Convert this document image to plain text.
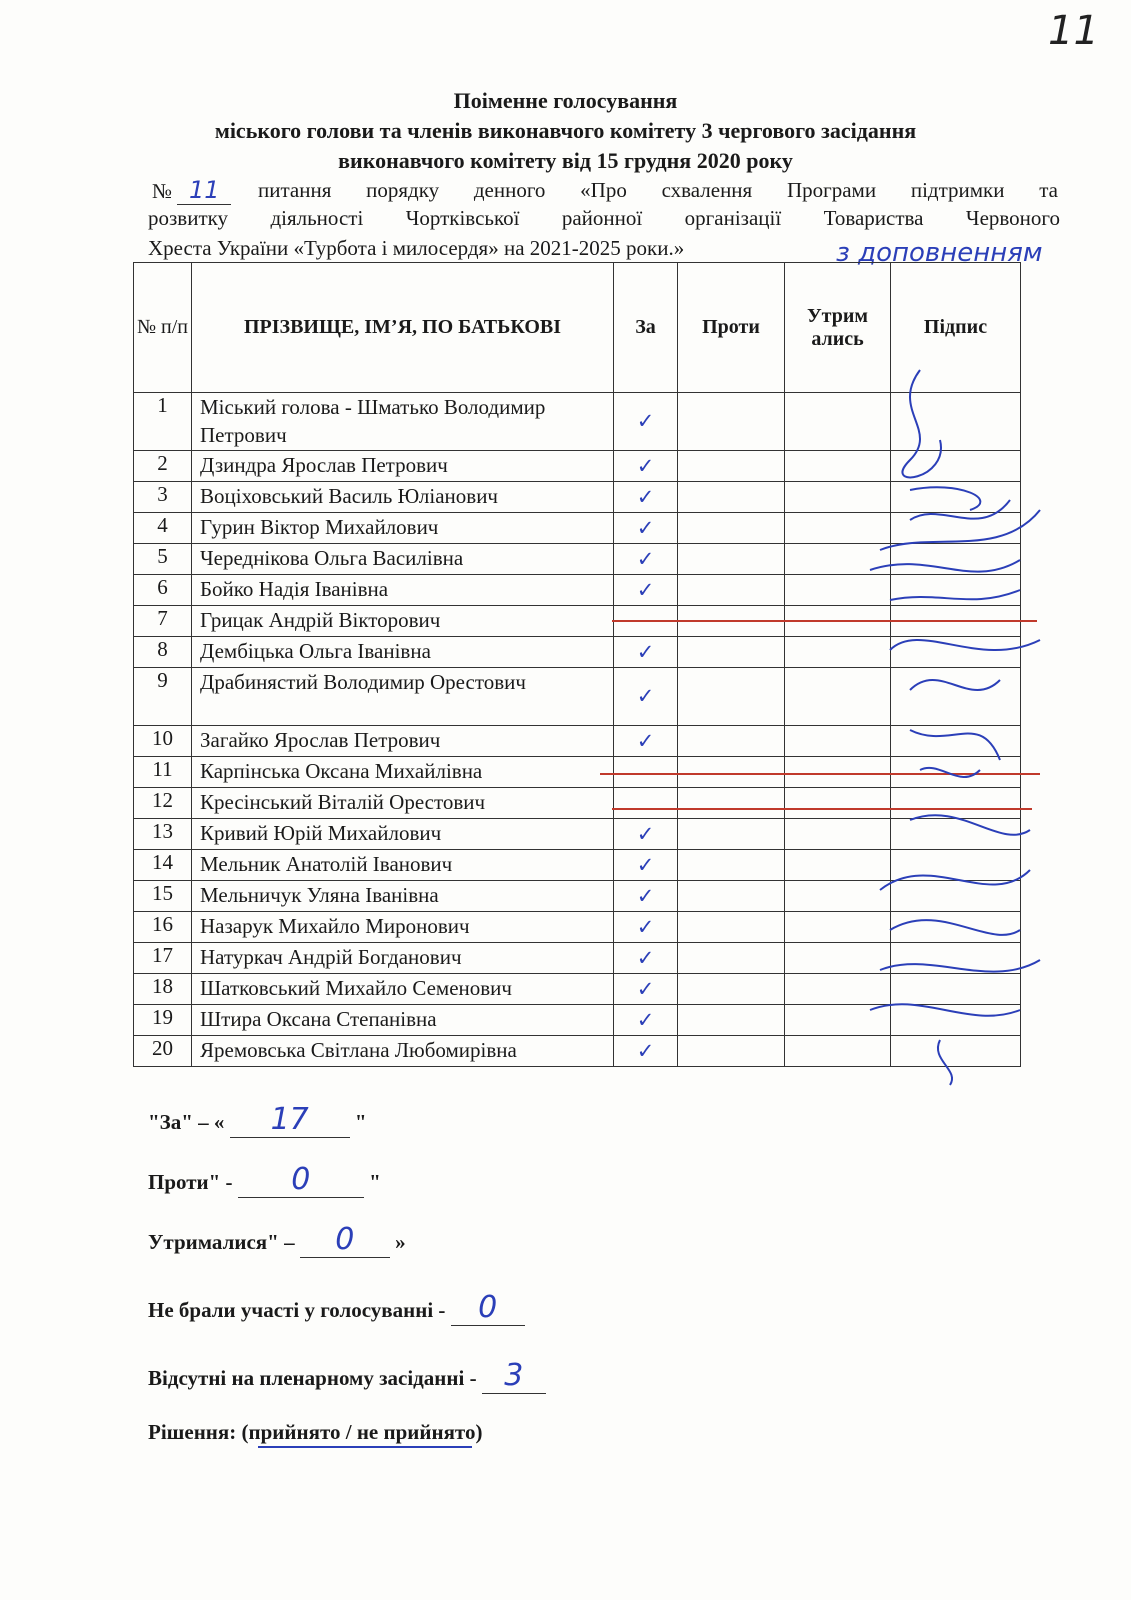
11
Поіменне голосування
міського голови та членів виконавчого комітету 3 чергового засідання
виконавчого комітету від 15 грудня 2020 року
№ 11	питання порядку денного «Про схвалення Програми підтримки та
розвитку діяльності Чортківської районної організації Товариства Червоного
Хреста України «Турбота і милосердя» на 2021-2025 роки.»	з доповненням
№ п/п	ПРІЗВИЩЕ, ІМ’Я, ПО БАТЬКОВІ	За	Проти	Утрим ались	Підпис
1	Міський голова - Шматько Володимир Петрович	✓			
2	Дзиндра Ярослав Петрович	✓			
3	Воціховський Василь Юліанович	✓			
4	Гурин Віктор Михайлович	✓			
5	Череднікова Ольга Василівна	✓			
6	Бойко Надія Іванівна	✓			
7	Грицак Андрій Вікторович				
8	Дембіцька Ольга Іванівна	✓			
9	Драбинястий Володимир Орестович	✓			
10	Загайко Ярослав Петрович	✓			
11	Карпінська Оксана Михайлівна				
12	Кресінський Віталій Орестович				
13	Кривий Юрій Михайлович	✓			
14	Мельник Анатолій Іванович	✓			
15	Мельничук Уляна Іванівна	✓			
16	Назарук Михайло Миронович	✓			
17	Натуркач Андрій Богданович	✓			
18	Шатковський Михайло Семенович	✓			
19	Штира Оксана Степанівна	✓			
20	Яремовська Світлана Любомирівна	✓			
"За" – « 17 "
Проти" - 0	"
Утрималися" – 0 »
Не брали участі у голосуванні - 0
Відсутні на пленарному засіданні - 3
Рішення: (прийнято / не прийнято)
